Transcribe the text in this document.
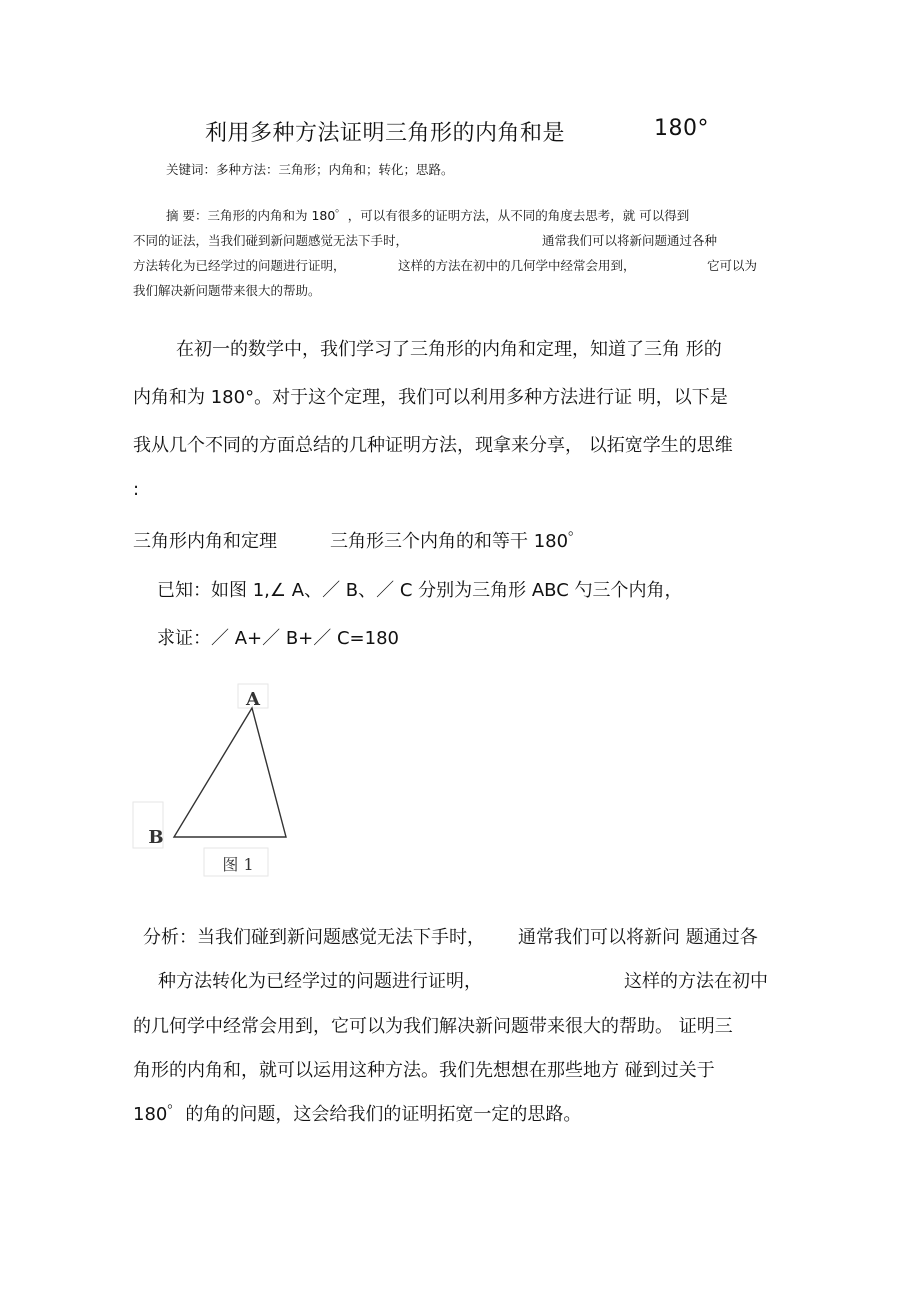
利用多种方法证明三角形的内角和是	180°
关键词：多种方法：三角形；内角和；转化；思路。
摘 要：三角形的内角和为 180゜，可以有很多的证明方法，从不同的角度去思考，就 可以得到
不同的证法，当我们碰到新问题感觉无法下手时，	通常我们可以将新问题通过各种
方法转化为已经学过的问题进行证明，	这样的方法在初中的几何学中经常会用到，	它可以为
我们解决新问题带来很大的帮助。
在初一的数学中，我们学习了三角形的内角和定理，知道了三角 形的
内角和为 180°。对于这个定理，我们可以利用多种方法进行证 明，以下是
我从几个不同的方面总结的几种证明方法，现拿来分享， 以拓宽学生的思维
:
三角形内角和定理	三角形三个内角的和等干 180゜
已知：如图 1,∠ A、／ B、／ C 分别为三角形 ABC 勺三个内角，
求证：／ A+／ B+／ C=180
A
B
图 1
分析：当我们碰到新问题感觉无法下手时， 通常我们可以将新问 题通过各
种方法转化为已经学过的问题进行证明，	这样的方法在初中
的几何学中经常会用到，它可以为我们解决新问题带来很大的帮助。 证明三
角形的内角和，就可以运用这种方法。我们先想想在那些地方 碰到过关于
180゜的角的问题，这会给我们的证明拓宽一定的思路。
